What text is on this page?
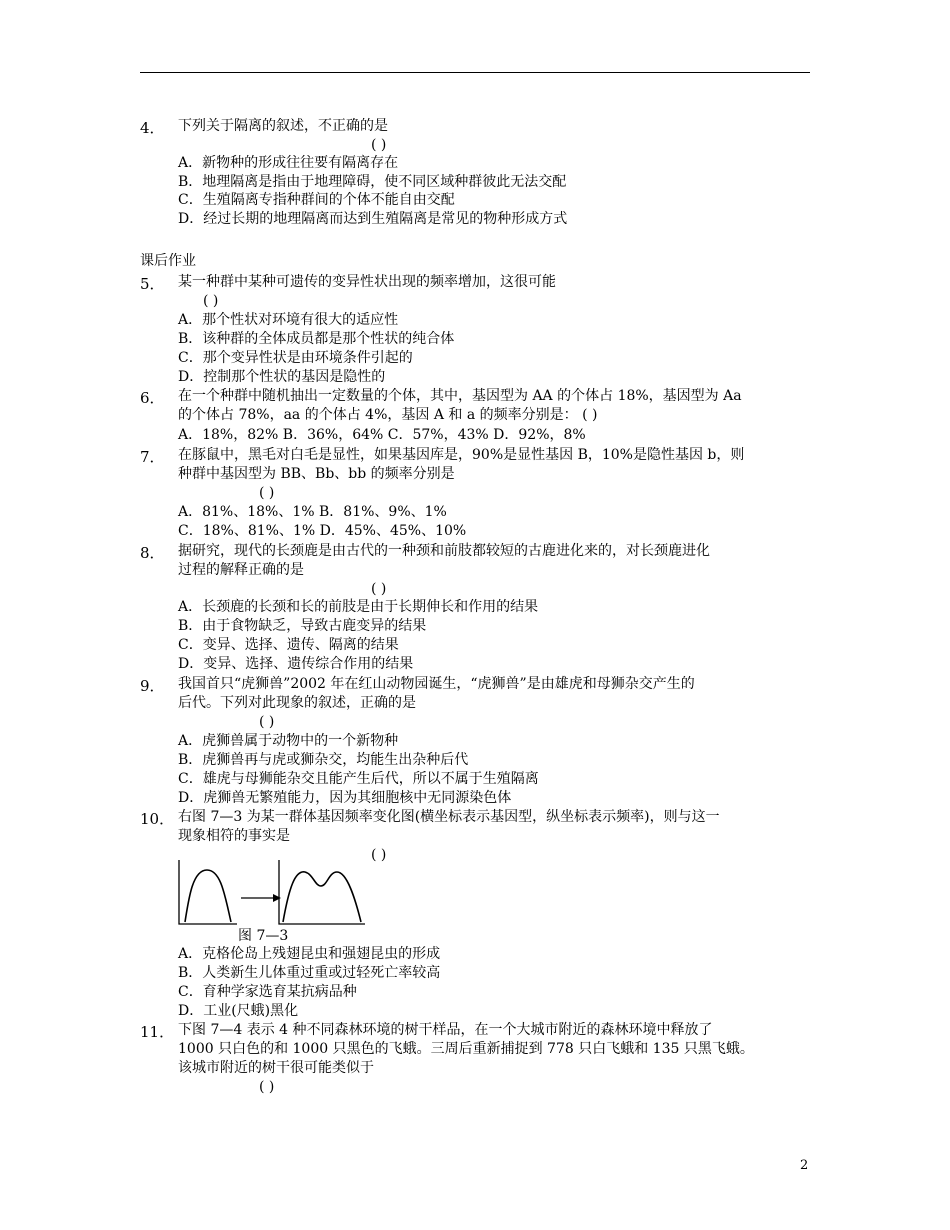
4． 下列关于隔离的叙述，不正确的是
( )
A．新物种的形成往往要有隔离存在
B．地理隔离是指由于地理障碍，使不同区域种群彼此无法交配
C．生殖隔离专指种群间的个体不能自由交配
D．经过长期的地理隔离而达到生殖隔离是常见的物种形成方式
课后作业
5． 某一种群中某种可遗传的变异性状出现的频率增加，这很可能
( )
A．那个性状对环境有很大的适应性
B．该种群的全体成员都是那个性状的纯合体
C．那个变异性状是由环境条件引起的
D．控制那个性状的基因是隐性的
6． 在一个种群中随机抽出一定数量的个体，其中，基因型为 AA 的个体占 18%，基因型为 Aa
的个体占 78%，aa 的个体占 4%，基因 A 和 a 的频率分别是： ( )
A．18%，82% B．36%，64% C．57%，43% D．92%，8%
7． 在豚鼠中，黑毛对白毛是显性，如果基因库是，90%是显性基因 B，10%是隐性基因 b，则
种群中基因型为 BB、Bb、bb 的频率分别是
( )
A．81%、18%、1% B．81%、9%、1%
C．18%、81%、1% D．45%、45%、10%
8． 据研究，现代的长颈鹿是由古代的一种颈和前肢都较短的古鹿进化来的，对长颈鹿进化
过程的解释正确的是
( )
A．长颈鹿的长颈和长的前肢是由于长期伸长和作用的结果
B．由于食物缺乏，导致古鹿变异的结果
C．变异、选择、遗传、隔离的结果
D．变异、选择、遗传综合作用的结果
9． 我国首只“虎狮兽”2002 年在红山动物园诞生，“虎狮兽”是由雄虎和母狮杂交产生的
后代。下列对此现象的叙述，正确的是
( )
A．虎狮兽属于动物中的一个新物种
B．虎狮兽再与虎或狮杂交，均能生出杂种后代
C．雄虎与母狮能杂交且能产生后代，所以不属于生殖隔离
D．虎狮兽无繁殖能力，因为其细胞核中无同源染色体
10． 右图 7—3 为某一群体基因频率变化图(横坐标表示基因型，纵坐标表示频率)，则与这一
现象相符的事实是
( )
图 7—3
A．克格伦岛上残翅昆虫和强翅昆虫的形成
B．人类新生儿体重过重或过轻死亡率较高
C．育种学家选育某抗病品种
D．工业(尺蛾)黑化
11． 下图 7—4 表示 4 种不同森林环境的树干样品，在一个大城市附近的森林环境中释放了
1000 只白色的和 1000 只黑色的飞蛾。三周后重新捕捉到 778 只白飞蛾和 135 只黑飞蛾。
该城市附近的树干很可能类似于
( )
2
